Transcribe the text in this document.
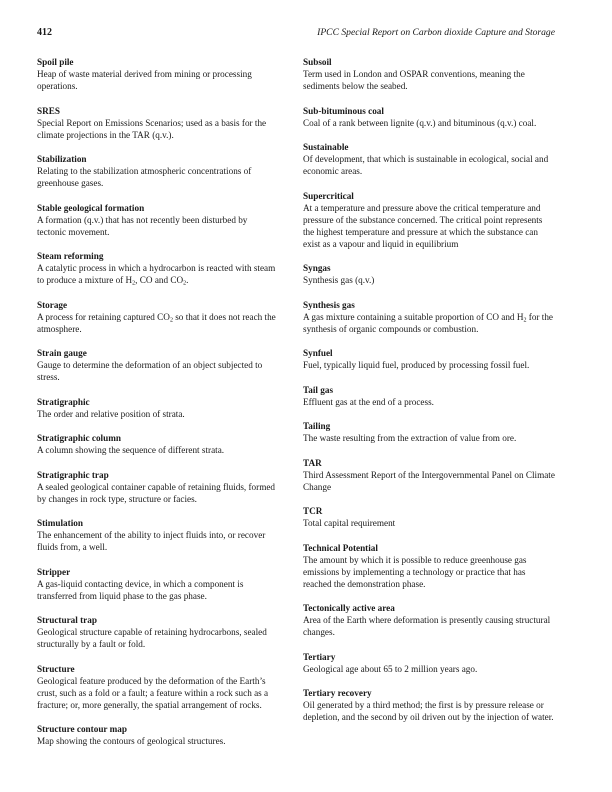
412	IPCC Special Report on Carbon dioxide Capture and Storage
Spoil pile
Heap of waste material derived from mining or processing operations.
SRES
Special Report on Emissions Scenarios; used as a basis for the climate projections in the TAR (q.v.).
Stabilization
Relating to the stabilization atmospheric concentrations of greenhouse gases.
Stable geological formation
A formation (q.v.) that has not recently been disturbed by tectonic movement.
Steam reforming
A catalytic process in which a hydrocarbon is reacted with steam to produce a mixture of $H_2$, CO and $CO_2$.
Storage
A process for retaining captured $CO_2$ so that it does not reach the atmosphere.
Strain gauge
Gauge to determine the deformation of an object subjected to stress.
Stratigraphic
The order and relative position of strata.
Stratigraphic column
A column showing the sequence of different strata.
Stratigraphic trap
A sealed geological container capable of retaining fluids, formed by changes in rock type, structure or facies.
Stimulation
The enhancement of the ability to inject fluids into, or recover fluids from, a well.
Stripper
A gas-liquid contacting device, in which a component is transferred from liquid phase to the gas phase.
Structural trap
Geological structure capable of retaining hydrocarbons, sealed structurally by a fault or fold.
Structure
Geological feature produced by the deformation of the Earth’s crust, such as a fold or a fault; a feature within a rock such as a fracture; or, more generally, the spatial arrangement of rocks.
Structure contour map
Map showing the contours of geological structures.
Subsoil
Term used in London and OSPAR conventions, meaning the sediments below the seabed.
Sub-bituminous coal
Coal of a rank between lignite (q.v.) and bituminous (q.v.) coal.
Sustainable
Of development, that which is sustainable in ecological, social and economic areas.
Supercritical
At a temperature and pressure above the critical temperature and pressure of the substance concerned. The critical point represents the highest temperature and pressure at which the substance can exist as a vapour and liquid in equilibrium
Syngas
Synthesis gas (q.v.)
Synthesis gas
A gas mixture containing a suitable proportion of CO and $H_2$ for the synthesis of organic compounds or combustion.
Synfuel
Fuel, typically liquid fuel, produced by processing fossil fuel.
Tail gas
Effluent gas at the end of a process.
Tailing
The waste resulting from the extraction of value from ore.
TAR
Third Assessment Report of the Intergovernmental Panel on Climate Change
TCR
Total capital requirement
Technical Potential
The amount by which it is possible to reduce greenhouse gas emissions by implementing a technology or practice that has reached the demonstration phase.
Tectonically active area
Area of the Earth where deformation is presently causing structural changes.
Tertiary
Geological age about 65 to 2 million years ago.
Tertiary recovery
Oil generated by a third method; the first is by pressure release or depletion, and the second by oil driven out by the injection of water.
